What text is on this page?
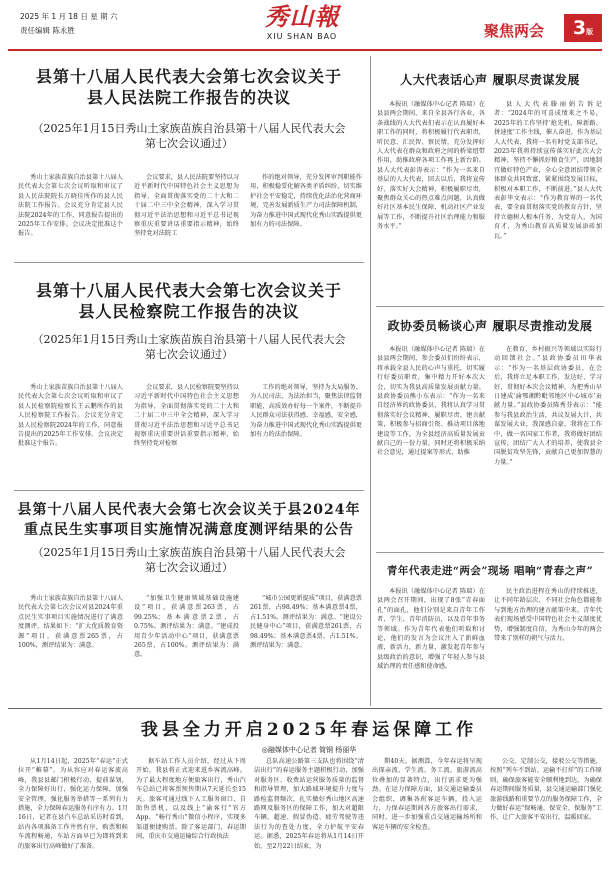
2025 年 1 月 18 日 星 期 六
责任编辑 陈永胜	秀山報
XIU SHAN BAO	聚焦两会	3版
县第十八届人民代表大会第七次会议关于
县人民法院工作报告的决议
（2025年1月15日秀山土家族苗族自治县第十八届人民代表大会
第七次会议通过）
秀山土家族苗族自治县第十八届人民代表大会第七次会议听取和审议了县人民法院院长万晓佳所作的县人民法院工作报告。会议充分肯定县人民法院2024年的工作，同意报告提出的2025年工作安排。会议决定批准这个报告。
会议要求，县人民法院要坚持以习近平新时代中国特色社会主义思想为指导，全面贯彻落实党的二十大和二十届二中三中全会精神，深入学习贯彻习近平法治思想和习近平总书记视察重庆重要讲话重要指示精神，始终坚持党对法院工
作的绝对领导，充分发挥审判职能作用，积极稳妥化解各类矛盾纠纷，切实维护社会平安稳定，持续优化法治化营商环境，完善发展新质生产力司法保障机制，为奋力推进中国式现代化秀山实践提供更加有力的司法保障。
县第十八届人民代表大会第七次会议关于
县人民检察院工作报告的决议
（2025年1月15日秀山土家族苗族自治县第十八届人民代表大会
第七次会议通过）
秀山土家族苗族自治县第十八届人民代表大会第七次会议听取和审议了县人民检察院检察长王云鹏所作的县人民检察院工作报告。会议充分肯定县人民检察院2024年的工作，同意报告提出的2025年工作安排。会议决定批准这个报告。
会议要求，县人民检察院要坚持以习近平新时代中国特色社会主义思想为指导，全面贯彻落实党的二十大和二十届二中三中全会精神，深入学习贯彻习近平法治思想和习近平总书记视察重庆重要讲话重要指示精神，始终坚持党对检察
工作的绝对领导，坚持为大局服务、为人民司法，为法治担当，聚焦法律监督职能，高质效办好每一个案件，不断提升人民群众司法获得感、幸福感、安全感，为奋力推进中国式现代化秀山实践提供更加有力的法治保障。
县第十八届人民代表大会第七次会议关于县2024年
重点民生实事项目实施情况满意度测评结果的公告
（2025年1月15日秀山土家族苗族自治县第十八届人民代表大会
第七次会议通过）
秀山土家族苗族自治县第十八届人民代表大会第七次会议对县2024年重点民生实事项目实施情况进行了满意度测评，结果如下：“扩大优质教育资源”项目，获满意票265票，占100%，测评结果为：满意。
“加强卫生健康领域基础设施建设”项目，获满意票263票，占99.25%；基本满意票2票，占0.75%。测评结果为：满意。“建成投用青少年活动中心”项目，获满意票265票，占100%。测评结果为：满意。
“城市公园更新提质”项目，获满意票261票，占98.49%；基本满意票4票，占1.51%。测评结果为：满意。“建设公民健身中心”项目，获满意票261票，占98.49%；基本满意票4票，占1.51%。测评结果为：满意。
人大代表话心声 履职尽责谋发展
本报讯（融媒体中心记者 陈瑞）在县县两会期间，来自全县各行各业，各条战线的人大代表们表示在认真履好本职工作的同时，将积极履行代表职责，听民意、汇民智、察民情，充分发挥好人大代表在群众和政府之间的桥梁纽带作用，助推政府各项工作再上新台阶。县人大代表彭涛表示：“作为一名来自基层的人大代表，回去以后，我将宣传好、落实好大会精神，积极履职尽责，聚焦群众关心的热点难点问题，认真做好社区基本民生保障、机动社区产业发展等工作，不断提升社区治理能力和服务水平。”
县人大代表滕丽娟告诉记者：“2024年的可喜成绩来之不易，2025年的工作坚持‘抢先机、障新路、拼速度’工作主线，催人奋进。作为基层人大代表，我将一名有时党支部书记，2025年我将持续宣传落实好此次大会精神，坚持不懈抓好粮食生产，因地制宜做好特色产业，全心全意团结带领全体群众共同致富，紧紧围绕发展目标，积极对本职工作，不断前进。”县人大代表彭毕文表示：“作为教育界的一名代表，要全面贯彻落实党的教育方针，坚持立德树人根本任务，为党育人，为国育才，为秀山教育高质量发展添砖加瓦。”
政协委员畅谈心声 履职尽责推动发展
本报讯（融媒体中心记者 陈瑞）在县县两会期间，参会委员们纷纷表示，将承载全县人民的心声与重托，切实履行好委员职责，集中精力开好本次大会，切实为我县高质量发展贡献力量。县政协委员熊小东表示：“作为一名来自经济界的政协委员，我将认真学习贯彻落实好会议精神，履职尽责、建言献策，积极参与招商引资、推动项目落地建设等工作，为全县经济高质量发展贡献自己的一份力量，同时还将积极采纳社会意见，通过提案等形式，助推
在教育，乡村振兴等领域以实际行动回馈社会。”县政协委员田华表示：“作为一名基层政协委员，在会后，我将立足本职工作，发达好、学习好，贯彻好本次会议精神，为把秀山早日建成‘渝鄂湘黔毗邻地区中心城市’贡献力量。”县政协委员陈秀芬表示：“能参与我县政治生活，共议发展大计，共谋发展大业，我深感自豪，我将在工作中，做一名国家工作者，我将做好团结宣传，团结广大人才的培养，使我县全国脱贫攻坚先锋，贡献自己更加智慧的力量。”
青年代表走进“两会”现场 唱响“青春之声”
本报讯（融媒体中心记者 陈瑞）在县两会召开期间，出现了8张“青春面孔”的面孔，他们分别是来自青年工作者、学生、青年消防员，以及青年事务等领域。作为青年代表他们听取和讨论，他们的发言为会议注入了新鲜血液，新活力，新力量，激发起青年参与县级政治的意识，增强了年轻人参与县域治理的责任感和使命感。
民主政治进程在秀山的持续推进，让不同年龄层次、不同社会角色都能参与到地方治理的建言献策中来。青年代表们现场感受中国特色社会主义制度优势，增强制度自信，为秀山今年的两会带来了别样的朝气与活力。
我县全力开启2025年春运保障工作
◎融媒体中心记者 简钢 杨丽华
从1月14日起，2025年“春运”正式拉开“帷幕”。为从容应对春运客流高峰，我县县邮门积极行动，提前谋划，全力保障好出行，强化运力保障，加强安全管理，强化服务举措等一系列有力措施，全力保障春运服务有序有力。1月16日，记者在县汽车总站采访时看到，站内各项准备工作井然有序，购票和候车流程畅通，车站方面早已为即将到来的旅客出行高峰做好了准备。
据车站工作人员介绍，经过从下周开始，我县将正式迎来返乡客流高峰。为了最大程度地方便旅客出行，秀山汽车总站已将客票预售期从7天延长至15天。旅客可通过线下人工服务窗口、自助售票机，以及线上“渝客行”官方App、“畅行秀山”微信小程序，实现多渠道便捷购票。除了客运部门，春运期间，重庆市交通运输综合行政执法
总队高速公路第三支队也将围绕“清洁出行”的春运服务主题积极行动，加强对服务区、收费站运营服务质量的监督和指导管理，加大路域环境提升力度与路检监督频次，扎实做好秀山地区高速路网及服务区的保障工作，加大对超限车辆、超速、假冒伪造、疲劳驾驶等违法行为的查处力度，全力护航平安春运。据悉，2025年春运将从1月14日开始，至2月22日结束，为
期40天。据测算，今年春运将呈现出探亲流、学生流、务工流、旅游流高位叠加的显著特点，出行需求更为强劲。在运力保障方面，县交通运输委员会组织，调集各班客运车辆，投入运力，力保春运期间各方旅客出行需求，同时，进一步加强重点交通运输场所和客运车辆的安全检查。
公交、定制公交，接驳公交等措施，按照“列车不到站、运输不打烊”的工作原则，确保旅客能安全顺利地到达，为确保春运期间服务质量，县交通运输部门强化旅游线路和重要节点的服务保障工作，全力做好春运“保畅通、保安全、保服务”工作，让广大旅客平安出行，温暖回家。
